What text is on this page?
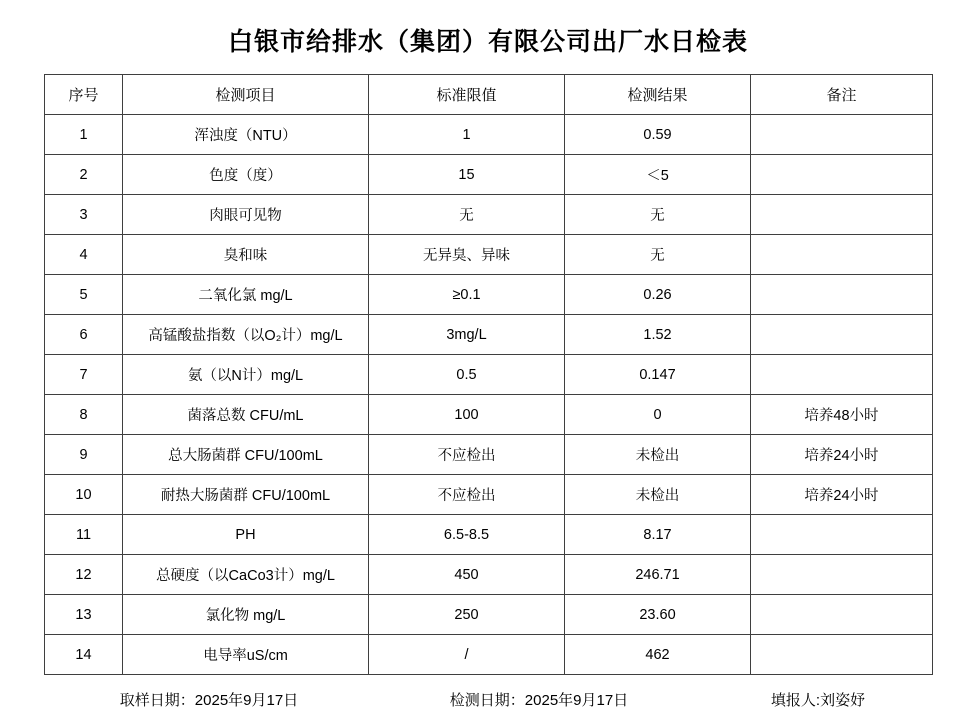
白银市给排水（集团）有限公司出厂水日检表
序号	检测项目	标准限值	检测结果	备注
1	浑浊度（NTU）	1	0.59	
2	色度（度）	15	＜5	
3	肉眼可见物	无	无	
4	臭和味	无异臭、异味	无	
5	二氧化氯 mg/L	≥0.1	0.26	
6	高锰酸盐指数（以O₂计）mg/L	3mg/L	1.52	
7	氨（以N计）mg/L	0.5	0.147	
8	菌落总数 CFU/mL	100	0	培养48小时
9	总大肠菌群 CFU/100mL	不应检出	未检出	培养24小时
10	耐热大肠菌群 CFU/100mL	不应检出	未检出	培养24小时
11	PH	6.5-8.5	8.17	
12	总硬度（以CaCo3计）mg/L	450	246.71	
13	氯化物 mg/L	250	23.60	
14	电导率uS/cm	/	462	
取样日期：2025年9月17日	检测日期：2025年9月17日	填报人:刘姿妤
